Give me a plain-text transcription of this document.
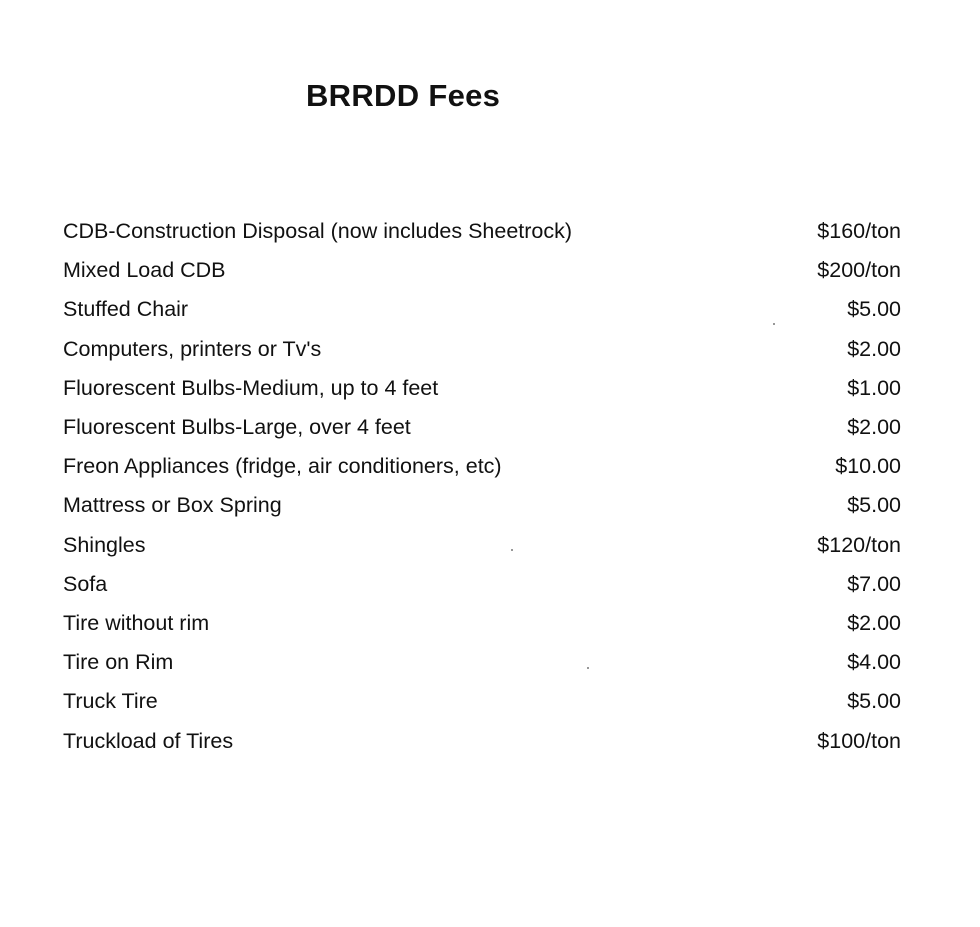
BRRDD Fees
CDB-Construction Disposal (now includes Sheetrock)	$160/ton
Mixed Load CDB	$200/ton
Stuffed Chair	$5.00
Computers, printers or Tv's	$2.00
Fluorescent Bulbs-Medium, up to 4 feet	$1.00
Fluorescent Bulbs-Large, over 4 feet	$2.00
Freon Appliances (fridge, air conditioners, etc)	$10.00
Mattress or Box Spring	$5.00
Shingles	$120/ton
Sofa	$7.00
Tire without rim	$2.00
Tire on Rim	$4.00
Truck Tire	$5.00
Truckload of Tires	$100/ton
